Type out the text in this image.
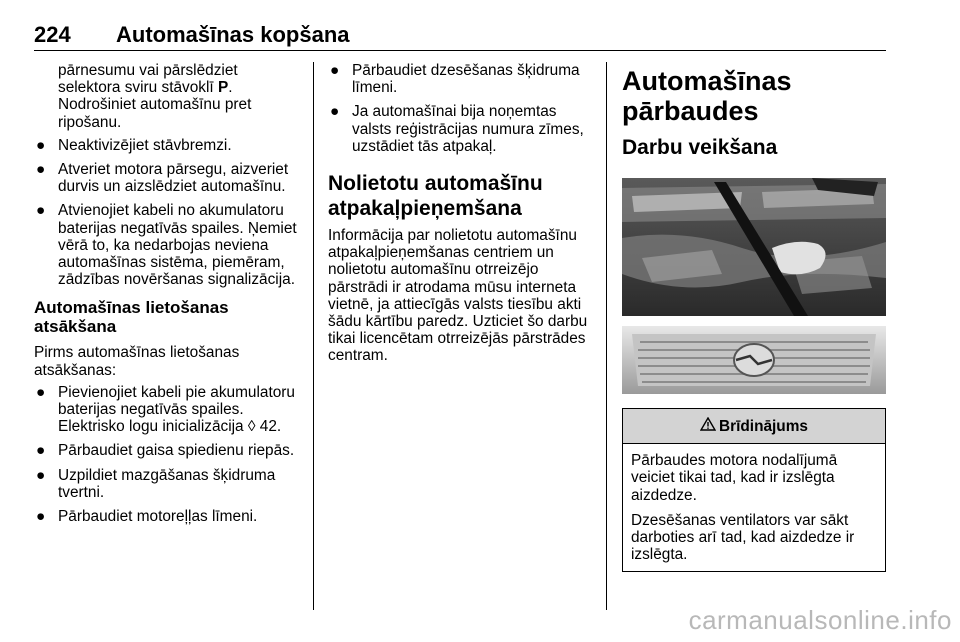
224 Automašīnas kopšana

pārnesumu vai pārslēdziet selektora sviru stāvoklī P. Nodrošiniet automašīnu pret ripošanu.

● Neaktivizējiet stāvbremzi.
● Atveriet motora pārsegu, aizveriet durvis un aizslēdziet automašīnu.
● Atvienojiet kabeli no akumulatoru baterijas negatīvās spailes. Ņemiet vērā to, ka nedarbojas neviena automašīnas sistēma, piemēram, zādzības novēršanas signalizācija.
Automašīnas lietošanas atsākšana

Pirms automašīnas lietošanas atsākšanas:

● Pievienojiet kabeli pie akumulatoru baterijas negatīvās spailes. Elektrisko logu inicializācija ◊ 42.
● Pārbaudiet gaisa spiedienu riepās.
● Uzpildiet mazgāšanas šķidruma tvertni.
● Pārbaudiet motoreļļas līmeni.
● Pārbaudiet dzesēšanas šķidruma līmeni.
● Ja automašīnai bija noņemtas valsts reģistrācijas numura zīmes, uzstādiet tās atpakaļ.
Nolietotu automašīnu atpakaļpieņemšana

Informācija par nolietotu automašīnu atpakaļpieņemšanas centriem un nolietotu automašīnu otrreizējo pārstrādi ir atrodama mūsu interneta vietnē, ja attiecīgās valsts tiesību akti šādu kārtību paredz. Uzticiet šo darbu tikai licencētam otrreizējās pārstrādes centram.

Automašīnas pārbaudes
Darbu veikšana
Brīdinājums

Pārbaudes motora nodalījumā veiciet tikai tad, kad ir izslēgta aizdedze.

Dzesēšanas ventilators var sākt darboties arī tad, kad aizdedze ir izslēgta.

carmanualsonline.info
